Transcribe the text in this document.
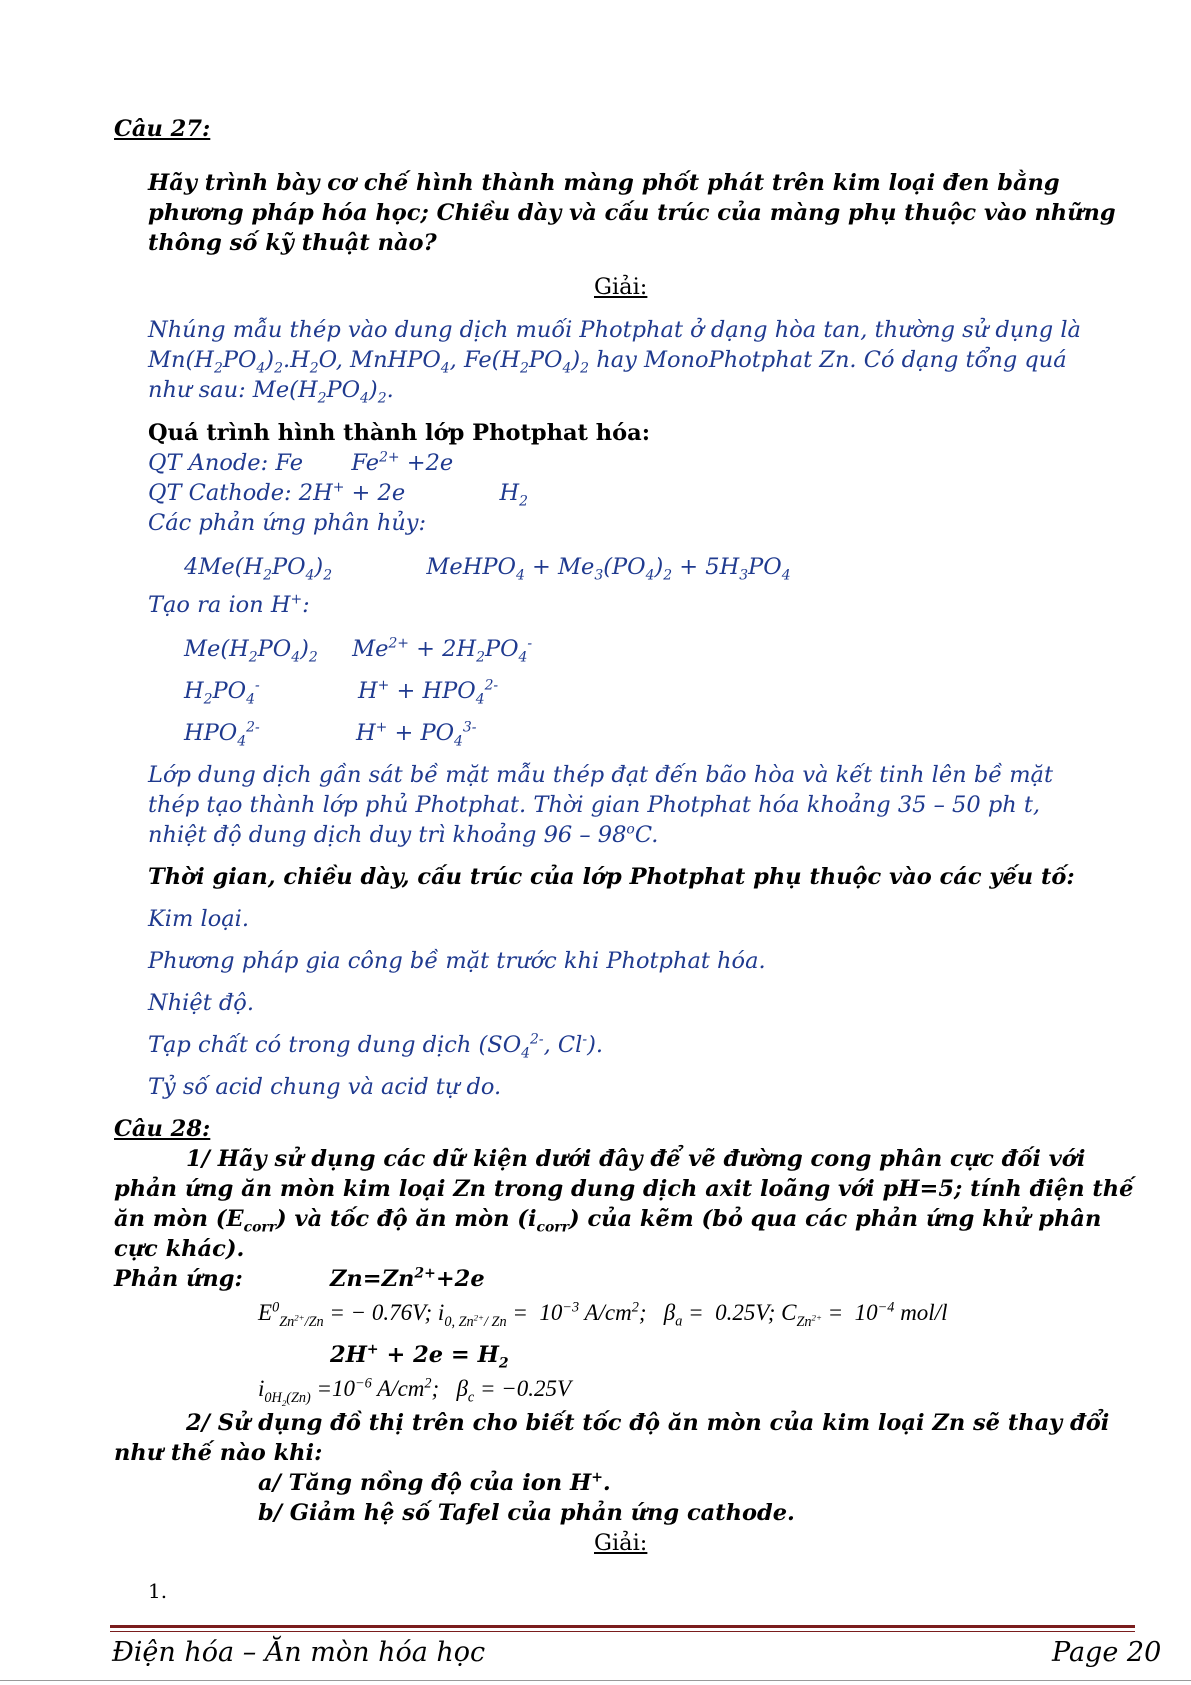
Câu 27:
Hãy trình bày cơ chế hình thành màng phốt phát trên kim loại đen bằng
phương pháp hóa học; Chiều dày và cấu trúc của màng phụ thuộc vào những
thông số kỹ thuật nào?
Giải:
Nhúng mẫu thép vào dung dịch muối Photphat ở dạng hòa tan, thường sử dụng là
$Mn(H_2PO_4)_2.H_2O$, MnHPO$_4$, $Fe(H_2PO_4)_2$ hay MonoPhotphat Zn. Có dạng tổng quá
như sau: $Me(H_2PO_4)_2$.
Quá trình hình thành lớp Photphat hóa:
QT Anode: Fe  $Fe^{2+} +2e$
QT Cathode: 2H+ + 2e	$H_2$
Các phản ứng phân hủy:
$4Me(H_2PO_4)_2$	MeHPO$_4$ + $Me_3(PO_4)_2 + 5H_3PO_4$
Tạo ra ion H+:
$Me(H_2PO_4)_2$  $Me^{2+} + 2H_2PO_4^-$
$H_2PO_4^-$	$H^+ + HPO_4^{2-}$
$HPO_4^{2-}$	$H^+ + PO_4^{3-}$
Lớp dung dịch gần sát bề mặt mẫu thép đạt đến bão hòa và kết tinh lên bề mặt
thép tạo thành lớp phủ Photphat. Thời gian Photphat hóa khoảng 35 – 50 ph t,
nhiệt độ dung dịch duy trì khoảng 96 – 98$^o$C.
Thời gian, chiều dày, cấu trúc của lớp Photphat phụ thuộc vào các yếu tố:
Kim loại.
Phương pháp gia công bề mặt trước khi Photphat hóa.
Nhiệt độ.
Tạp chất có trong dung dịch ($SO_4^{2-}$, Cl-).
Tỷ số acid chung và acid tự do.
Câu 28:
1/ Hãy sử dụng các dữ kiện dưới đây để vẽ đường cong phân cực đối với
phản ứng ăn mòn kim loại Zn trong dung dịch axit loãng với pH=5; tính điện thế
ăn mòn $(E_{corr})$ và tốc độ ăn mòn $(i_{corr})$ của kẽm (bỏ qua các phản ứng khử phân
cực khác).
Phản ứng:	$Zn=Zn^{2+}+2e$
$E^0_{Zn^{2+}/Zn}$ = − 0.76V; $i_{0, Zn^{2+}/ Zn} = 10^{-3}$ $A/cm^2$;   $\beta_a = 0.25V$; $C_{Zn^{2+}} = 10^{-4}$ mol/l
$2H^+ + 2e = H_2$
$i_{0H_2(Zn)} =10^{-6}$ $A/cm^2$;   $\beta_c = -0.25V$
2/ Sử dụng đồ thị trên cho biết tốc độ ăn mòn của kim loại Zn sẽ thay đổi
như thế nào khi:
a/ Tăng nồng độ của ion H+.
b/ Giảm hệ số Tafel của phản ứng cathode.
Giải:
1.
Điện hóa – Ăn mòn hóa học	Page 20
